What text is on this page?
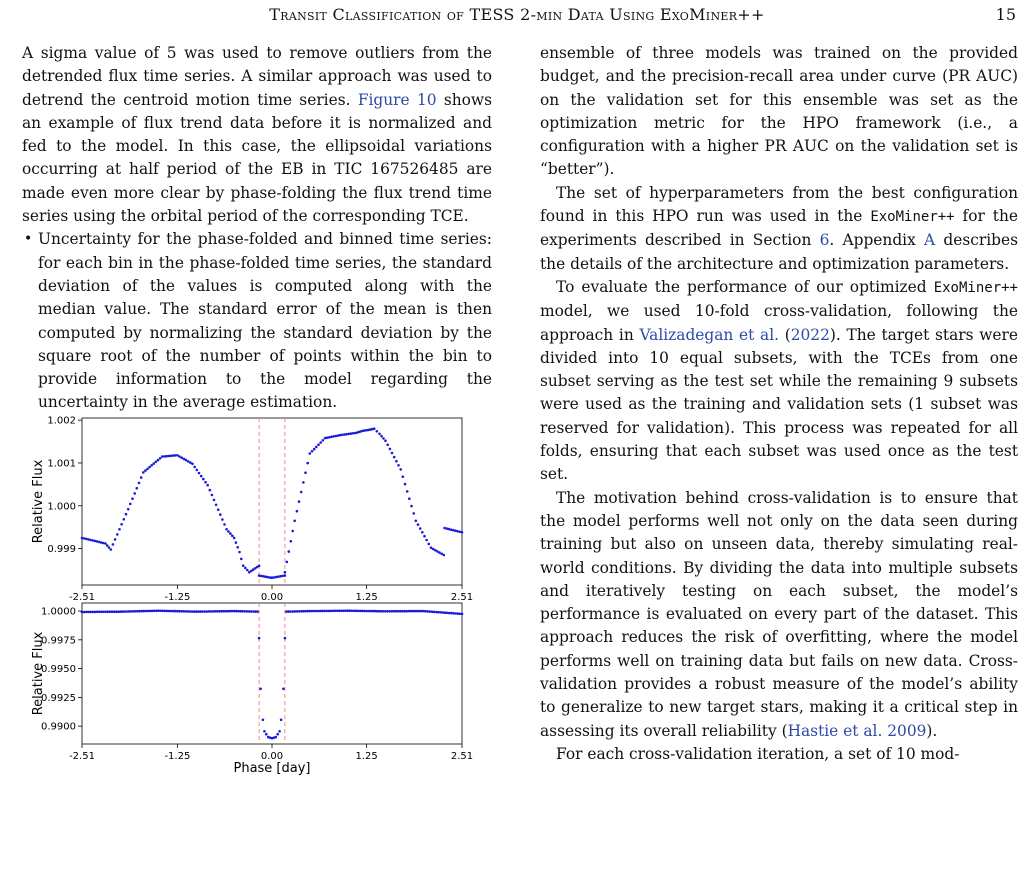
Transit Classification of TESS 2-min Data Using ExoMiner++	15

A sigma value of 5 was used to remove outliers from the detrended flux time series. A similar approach was used to detrend the centroid motion time series. Figure 10 shows an example of flux trend data before it is normalized and fed to the model. In this case, the ellipsoidal variations occurring at half period of the EB in TIC 167526485 are made even more clear by phase-folding the flux trend time series using the orbital period of the corresponding TCE.

• Uncertainty for the phase-folded and binned time series: for each bin in the phase-folded time series, the standard deviation of the values is computed along with the median value. The standard error of the mean is then computed by normalizing the standard deviation by the square root of the number of points within the bin to provide information to the model regarding the uncertainty in the average estimation.

0.999
1.000
1.001
1.002
Relative Flux
-2.51	-1.25	0.00	1.25	2.51
0.9900
0.9925
0.9950
0.9975
1.0000
Relative Flux
-2.51	-1.25	0.00	1.25	2.51
Phase [day]

ensemble of three models was trained on the provided budget, and the precision-recall area under curve (PR AUC) on the validation set for this ensemble was set as the optimization metric for the HPO framework (i.e., a configuration with a higher PR AUC on the validation set is “better”).

The set of hyperparameters from the best configuration found in this HPO run was used in the ExoMiner++ for the experiments described in Section 6. Appendix A describes the details of the architecture and optimization parameters.

To evaluate the performance of our optimized ExoMiner++ model, we used 10-fold cross-validation, following the approach in Valizadegan et al. (2022). The target stars were divided into 10 equal subsets, with the TCEs from one subset serving as the test set while the remaining 9 subsets were used as the training and validation sets (1 subset was reserved for validation). This process was repeated for all folds, ensuring that each subset was used once as the test set.

The motivation behind cross-validation is to ensure that the model performs well not only on the data seen during training but also on unseen data, thereby simulating real-world conditions. By dividing the data into multiple subsets and iteratively testing on each subset, the model’s performance is evaluated on every part of the dataset. This approach reduces the risk of overfitting, where the model performs well on training data but fails on new data. Cross-validation provides a robust measure of the model’s ability to generalize to new target stars, making it a critical step in assessing its overall reliability (Hastie et al. 2009).

For each cross-validation iteration, a set of 10 mod-
